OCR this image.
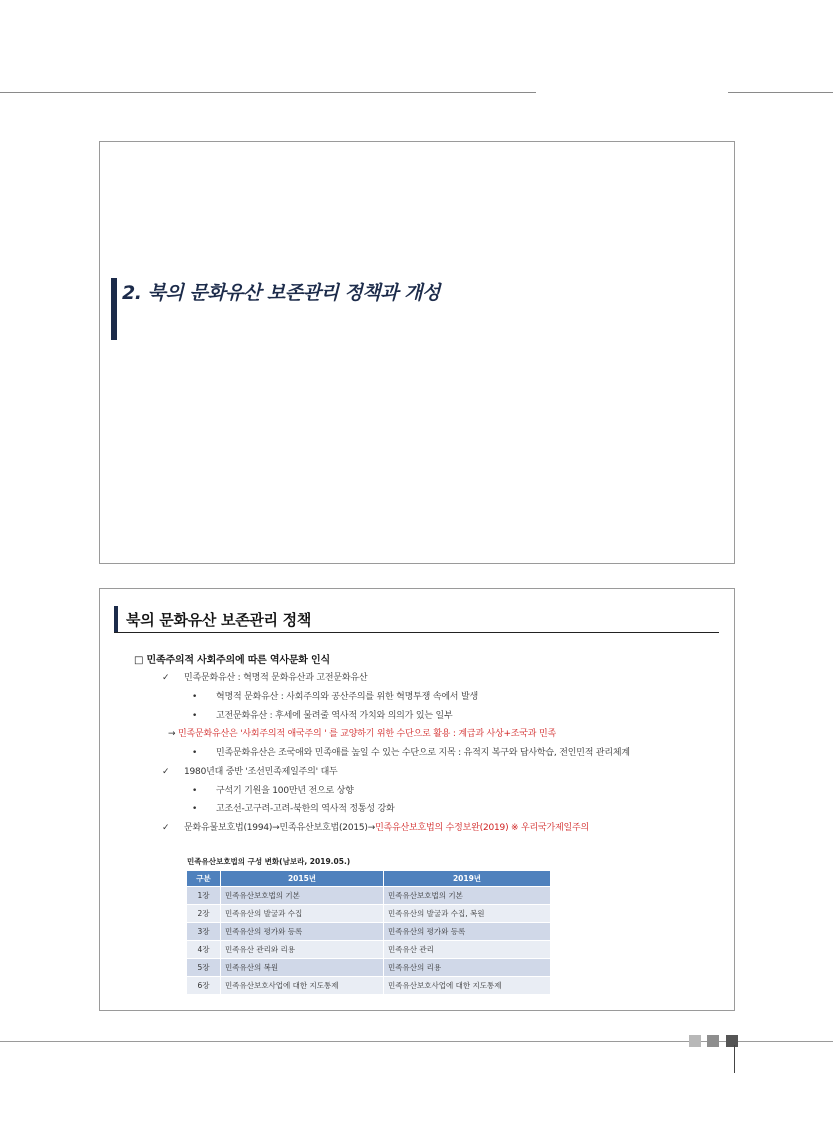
2. 북의 문화유산 보존관리 정책과 개성
북의 문화유산 보존관리 정책
□ 민족주의적 사회주의에 따른 역사문화 인식
✓ 민족문화유산 : 혁명적 문화유산과 고전문화유산
• 혁명적 문화유산 : 사회주의와 공산주의를 위한 혁명투쟁 속에서 발생
• 고전문화유산 : 후세에 물려줄 역사적 가치와 의의가 있는 일부
→ 민족문화유산은 '사회주의적 애국주의 ' 를 교양하기 위한 수단으로 활용 : 계급과 사상+조국과 민족
• 민족문화유산은 조국애와 민족애를 높일 수 있는 수단으로 지목 : 유적지 복구와 답사학습, 전인민적 관리체계
✓ 1980년대 중반 '조선민족제일주의' 대두
• 구석기 기원을 100만년 전으로 상향
• 고조선-고구려-고려-북한의 역사적 정통성 강화
✓ 문화유물보호법(1994)→민족유산보호법(2015)→민족유산보호법의 수정보완(2019) ※ 우리국가제일주의
민족유산보호법의 구성 변화(남보라, 2019.05.)
구분	2015년	2019년
1장	민족유산보호법의 기본	민족유산보호법의 기본
2장	민족유산의 발굴과 수집	민족유산의 발굴과 수집, 복원
3장	민족유산의 평가와 등록	민족유산의 평가와 등록
4장	민족유산 관리와 리용	민족유산 관리
5장	민족유산의 복원	민족유산의 리용
6장	민족유산보호사업에 대한 지도통제	민족유산보호사업에 대한 지도통제
